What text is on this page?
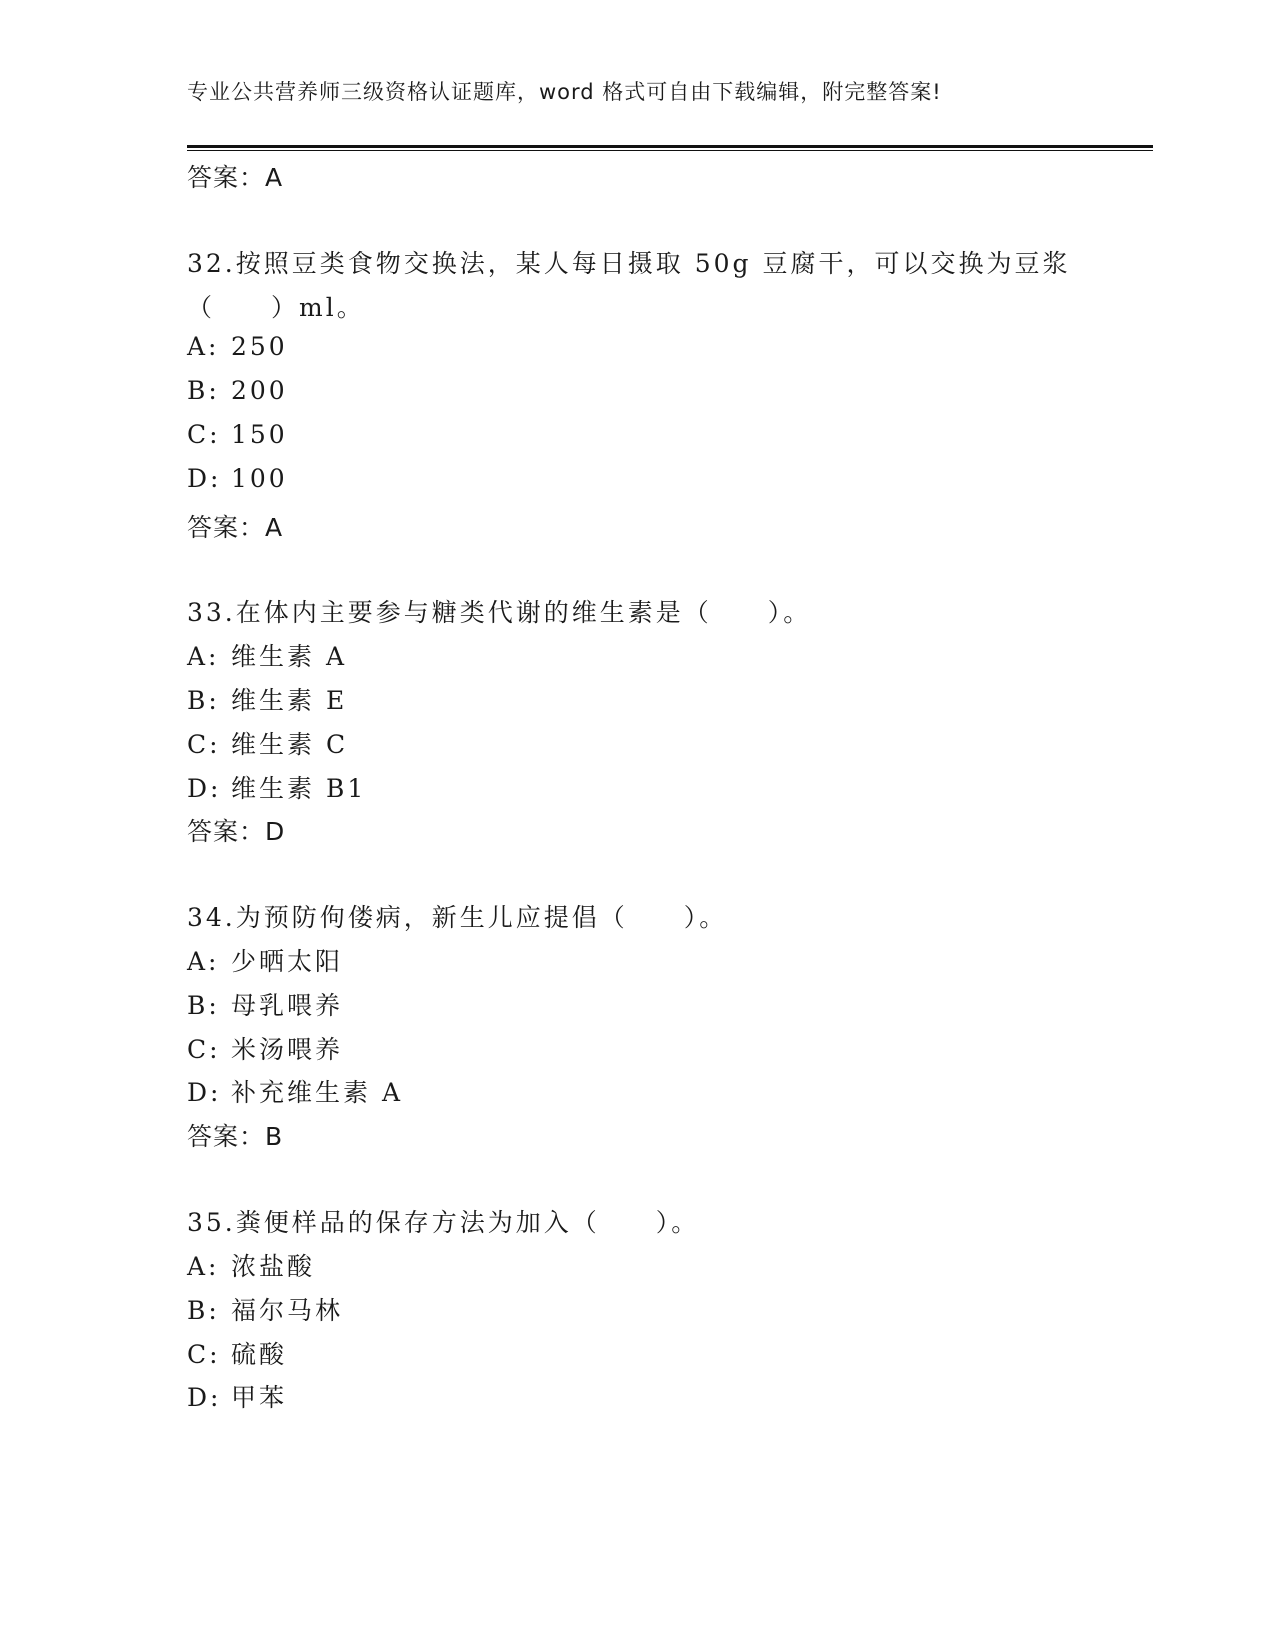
专业公共营养师三级资格认证题库，word 格式可自由下载编辑，附完整答案!
答案：A
32.按照豆类食物交换法，某人每日摄取 50g 豆腐干，可以交换为豆浆
（　　）ml。
A: 250
B: 200
C: 150
D: 100
答案：A
33.在体内主要参与糖类代谢的维生素是（　　）。
A: 维生素 A
B: 维生素 E
C: 维生素 C
D: 维生素 B1
答案：D
34.为预防佝偻病，新生儿应提倡（　　）。
A: 少晒太阳
B: 母乳喂养
C: 米汤喂养
D: 补充维生素 A
答案：B
35.粪便样品的保存方法为加入（　　）。
A: 浓盐酸
B: 福尔马林
C: 硫酸
D: 甲苯
